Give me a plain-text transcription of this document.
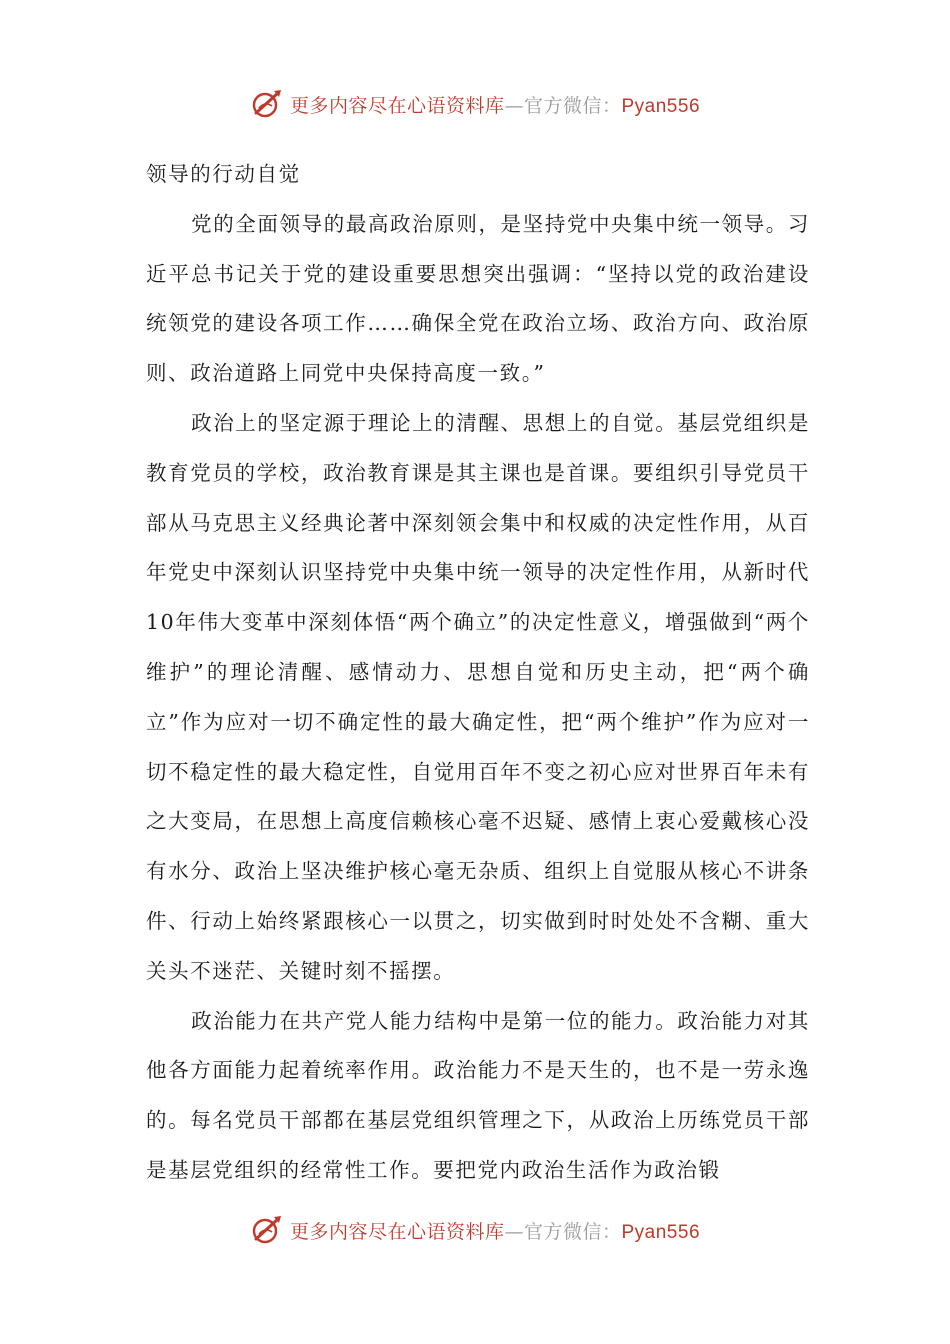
更多内容尽在心语资料库—官方微信：Pyan556

领导的行动自觉

党的全面领导的最高政治原则，是坚持党中央集中统一领导。习近平总书记关于党的建设重要思想突出强调：“坚持以党的政治建设统领党的建设各项工作……确保全党在政治立场、政治方向、政治原则、政治道路上同党中央保持高度一致。”

政治上的坚定源于理论上的清醒、思想上的自觉。基层党组织是教育党员的学校，政治教育课是其主课也是首课。要组织引导党员干部从马克思主义经典论著中深刻领会集中和权威的决定性作用，从百年党史中深刻认识坚持党中央集中统一领导的决定性作用，从新时代10年伟大变革中深刻体悟“两个确立”的决定性意义，增强做到“两个维护”的理论清醒、感情动力、思想自觉和历史主动，把“两个确立”作为应对一切不确定性的最大确定性，把“两个维护”作为应对一切不稳定性的最大稳定性，自觉用百年不变之初心应对世界百年未有之大变局，在思想上高度信赖核心毫不迟疑、感情上衷心爱戴核心没有水分、政治上坚决维护核心毫无杂质、组织上自觉服从核心不讲条件、行动上始终紧跟核心一以贯之，切实做到时时处处不含糊、重大关头不迷茫、关键时刻不摇摆。

政治能力在共产党人能力结构中是第一位的能力。政治能力对其他各方面能力起着统率作用。政治能力不是天生的，也不是一劳永逸的。每名党员干部都在基层党组织管理之下，从政治上历练党员干部是基层党组织的经常性工作。要把党内政治生活作为政治锻

更多内容尽在心语资料库—官方微信：Pyan556
